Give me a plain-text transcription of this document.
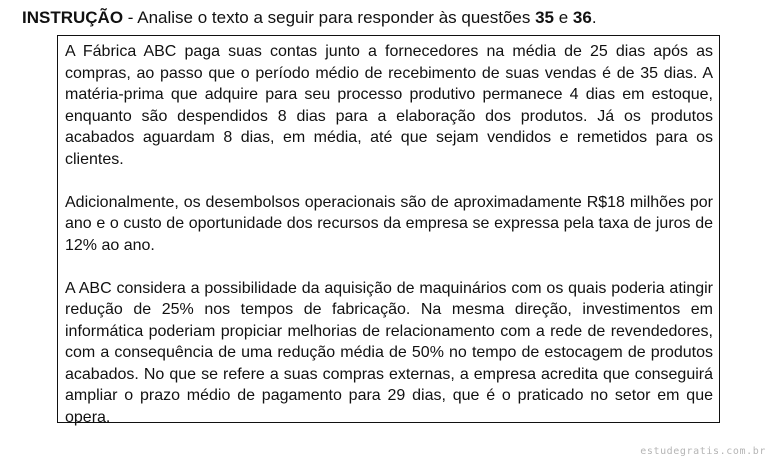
INSTRUÇÃO - Analise o texto a seguir para responder às questões 35 e 36.

A Fábrica ABC paga suas contas junto a fornecedores na média de 25 dias após as compras, ao passo que o período médio de recebimento de suas vendas é de 35 dias. A matéria-prima que adquire para seu processo produtivo permanece 4 dias em estoque, enquanto são despendidos 8 dias para a elaboração dos produtos. Já os produtos acabados aguardam 8 dias, em média, até que sejam vendidos e remetidos para os clientes.

Adicionalmente, os desembolsos operacionais são de aproximadamente R$18 milhões por ano e o custo de oportunidade dos recursos da empresa se expressa pela taxa de juros de 12% ao ano.

A ABC considera a possibilidade da aquisição de maquinários com os quais poderia atingir redução de 25% nos tempos de fabricação. Na mesma direção, investimentos em informática poderiam propiciar melhorias de relacionamento com a rede de revendedores, com a consequência de uma redução média de 50% no tempo de estocagem de produtos acabados. No que se refere a suas compras externas, a empresa acredita que conseguirá ampliar o prazo médio de pagamento para 29 dias, que é o praticado no setor em que opera.

estudegratis.com.br
